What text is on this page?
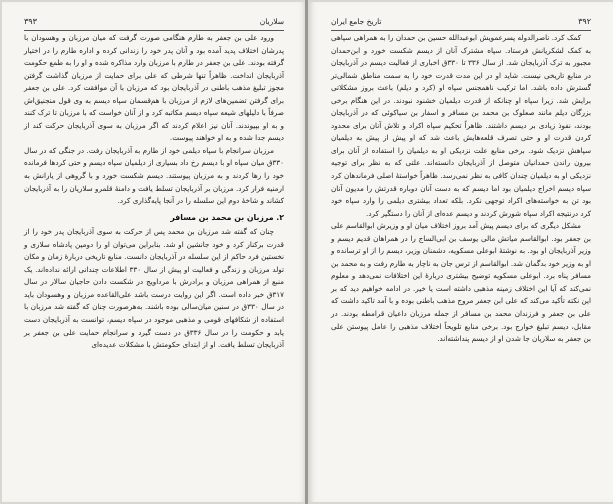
سلاریان
۳۹۳

ورود علی بن جعفر به طارم هنگامی صورت گرفت که میان مرزبان و وهسودان با پدرشان اختلاف پدید آمده بود و آنان پدر خود را زندانی کرده و اداره طارم را در اختیار گرفته بودند. علی بن جعفر در طارم با مرزبان وارد مذاکره شده و او را به طمع حکومت آذربایجان انداخت. ظاهراً تنها شرطی که علی برای حمایت از مرزبان گذاشت گرفتن مجوز تبلیغ مذهب باطنی در آذربایجان بود که مرزبان با آن موافقت کرد. علی بن جعفر برای گرفتن تضمین‌های لازم از مرزبان با هم‌قسمان سپاه دیسم به وی قول منجنیق‌اش صرفاً با دلیلهای شیعه سپاه دیسم مکاتبه کرد و از آنان خواست که با مرزبان تا ترک کنند و به او بپیوندند. آنان نیز اعلام کردند که اگر مرزبان به سوی آذربایجان حرکت کند از دیسم جدا شده و به او خواهند پیوست.

مرزبان سرانجام با سپاه دیلمی خود از طارم به آذربایجان رفت. در جنگی که در سال ۳۳۰ق میان سپاه او با دیسم رخ داد بسیاری از دیلمیان سپاه دیسم و حتی کردها فرمانده خود را رها کردند و به مرزبان پیوستند. دیسم شکست خورد و با گروهی از یارانش به ارمنیه فرار کرد. مرزبان بر آذربایجان تسلط یافت و دامنهٔ قلمرو سلاریان را به آذربایجان کشاند و شاخهٔ دوم این سلسله را در آنجا پایه‌گذاری کرد.

۲. مرزبان بن محمد بن مسافر

چنان که گفته شد مرزبان بن محمد پس از حرکت به سوی آذربایجان پدر خود را از قدرت برکنار کرد و خود جانشین او شد. بنابراین می‌توان او را دومین پادشاه سلاری و نخستین فرد حاکم از این سلسله در آذربایجان دانست. منابع تاریخی دربارهٔ زمان و مکان تولد مرزبان و زندگی و فعالیت او پیش از سال ۳۳۰ اطلاعات چندانی ارائه نداده‌اند. یک منبع از همراهی مرزبان و برادرش با مرداویج در شکست دادن حاجیان سالار در سال ۳۱۷ق خبر داده است. اگر این روایت درست باشد علی‌القاعده مرزبان و وهسودان باید در سال ۳۳۰ق در سنین میان‌سالی بوده باشند. به‌هرصورت چنان که گفته شد مرزبان با استفاده از شکافهای قومی و مذهبی موجود در سپاه دیسم، توانست به آذربایجان دست یابد و حکومت را در سال ۳۳۶ق در دست گیرد و سرانجام حمایت علی بن جعفر بر آذربایجان تسلط یافت. او از ابتدای حکومتش با مشکلات عدیده‌ای

۳۹۲
تاریخ جامع ایران

کمک کرد. ناصرالدوله پسرعمویش ابوعبدالله حسین بن حمدان را به همراهی سپاهی به کمک لشکریانش فرستاد. سپاه مشترک آنان از دیسم شکست خورد و ابن‌حمدان مجبور به ترک آذربایجان شد. از سال ۳۳۶ تا ۳۳۰ق اخباری از فعالیت دیسم در آذربایجان در منابع تاریخی نیست. شاید او در این مدت قدرت خود را به سمت مناطق شمالی‌تر گسترش داده باشد. اما ترکیب ناهمجنس سپاه او (کرد و دیلم) باعث بروز مشکلاتی برایش شد. زیرا سپاه او چنانکه از قدرت دیلمیان خشنود نبودند. در این هنگام برخی بزرگان دیلم مانند صعلوک بن محمد بن مسافر و اسفار بن سیاکوئی که در آذربایجان بودند، نفوذ زیادی بر دیسم داشتند. ظاهراً تحکیم سپاه اکراد و تلاش آنان برای محدود کردن قدرت او و حتی تصرف قلعه‌هایش باعث شد که او پیش از پیش به دیلمیان سپاهش نزدیک شود. برخی منابع علت نزدیکی او به دیلمیان را استفاده از آنان برای بیرون راندن حمدانیان متوصل از آذربایجان دانسته‌اند. علتی که به نظر برای توجیه نزدیکی او به دیلمیان چندان کافی به نظر نمی‌رسد. ظاهراً خواستهٔ اصلی فرماندهان کرد سپاه دیسم اخراج دیلمیان بود اما دیسم که به دست آنان دوباره قدرتش را مدیون آنان بود تن به خواسته‌های اکراد توجهی نکرد. بلکه تعداد بیشتری دیلمی را وارد سپاه خود کرد درنتیجه اکراد سپاه شورش کردند و دیسم عده‌ای از آنان را دستگیر کرد.

مشکل دیگری که برای دیسم پیش آمد بروز اختلاف میان او و وزیرش ابوالقاسم علی بن جعفر بود. ابوالقاسم میاتش مالی یوسف بن ابی‌الساج را در همراهان قدیم دیسم و وزیر آذربایجان او بود. به نوشتهٔ ابوعلی مسکویه، دشمنان وزیر، دیسم را از او ترسانده و او به وزیر خود بدگمان شد. ابوالقاسم از ترس جان به ناچار به طارم رفت و به محمد بن مسافر پناه برد. ابوعلی مسکویه توضیح بیشتری دربارهٔ این اختلافات نمی‌دهد و معلوم نمی‌کند که آیا این اختلاف زمینه مذهبی داشته است یا خیر. در ادامه خواهیم دید که بر این نکته تأکید می‌کند که علی ابن جعفر مروج مذهب باطنی بوده و با آمد تاکید داشت که علی بن جعفر و فرزندان محمد بن مسافر از جمله مرزبان داعیان قرامطه بودند. در مقابل، دیسم تبلیغ خوارج بود. برخی منابع تلویحاً اختلاف مذهبی را عامل پیوستن علی بن جعفر به سلاریان جا شدن او از دیسم پنداشته‌اند.
